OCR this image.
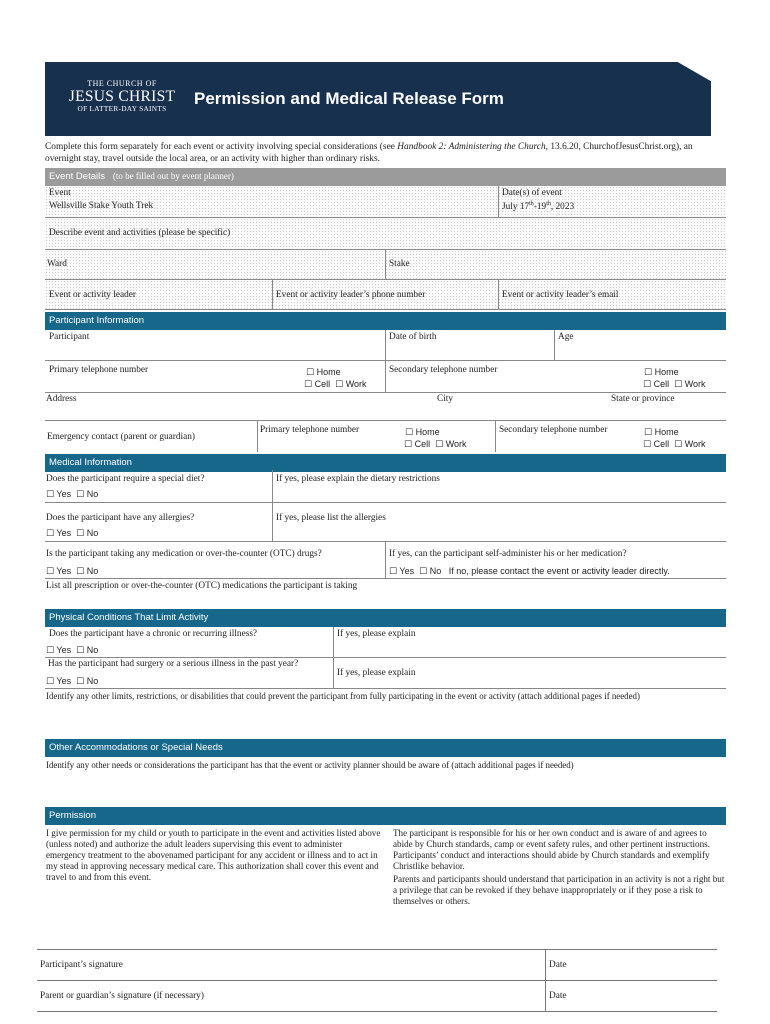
THE CHURCH OF
JESUS CHRIST
OF LATTER-DAY SAINTS
Permission and Medical Release Form
Complete this form separately for each event or activity involving special considerations (see Handbook 2: Administering the Church, 13.6.20, ChurchofJesusChrist.org), an overnight stay, travel outside the local area, or an activity with higher than ordinary risks.
Event Details (to be filled out by event planner)
Event
Wellsville Stake Youth Trek
Date(s) of event
July 17th-19th, 2023
Describe event and activities (please be specific)
Ward	Stake
Event or activity leader	Event or activity leader’s phone number	Event or activity leader’s email
Participant Information
Participant	Date of birth	Age
Primary telephone number	☐ Home
☐ Cell ☐ Work
Secondary telephone number	☐ Home
☐ Cell ☐ Work
Address	City	State or province
Emergency contact (parent or guardian)
Primary telephone number	☐ Home
☐ Cell ☐ Work
Secondary telephone number	☐ Home
☐ Cell ☐ Work
Medical Information
Does the participant require a special diet?
☐ Yes ☐ No
If yes, please explain the dietary restrictions
Does the participant have any allergies?
☐ Yes ☐ No
If yes, please list the allergies
Is the participant taking any medication or over-the-counter (OTC) drugs?
☐ Yes ☐ No
If yes, can the participant self-administer his or her medication?
☐ Yes ☐ No If no, please contact the event or activity leader directly.
List all prescription or over-the-counter (OTC) medications the participant is taking
Physical Conditions That Limit Activity
Does the participant have a chronic or recurring illness?
☐ Yes ☐ No
If yes, please explain
Has the participant had surgery or a serious illness in the past year?
☐ Yes ☐ No
If yes, please explain
Identify any other limits, restrictions, or disabilities that could prevent the participant from fully participating in the event or activity (attach additional pages if needed)
Other Accommodations or Special Needs
Identify any other needs or considerations the participant has that the event or activity planner should be aware of (attach additional pages if needed)
Permission
I give permission for my child or youth to participate in the event and activities listed above (unless noted) and authorize the adult leaders supervising this event to administer emergency treatment to the abovenamed participant for any accident or illness and to act in my stead in approving necessary medical care. This authorization shall cover this event and travel to and from this event.
The participant is responsible for his or her own conduct and is aware of and agrees to abide by Church standards, camp or event safety rules, and other pertinent instructions. Participants’ conduct and interactions should abide by Church standards and exemplify Christlike behavior.
Parents and participants should understand that participation in an activity is not a right but a privilege that can be revoked if they behave inappropriately or if they pose a risk to themselves or others.
Participant’s signature	Date
Parent or guardian’s signature (if necessary)	Date
